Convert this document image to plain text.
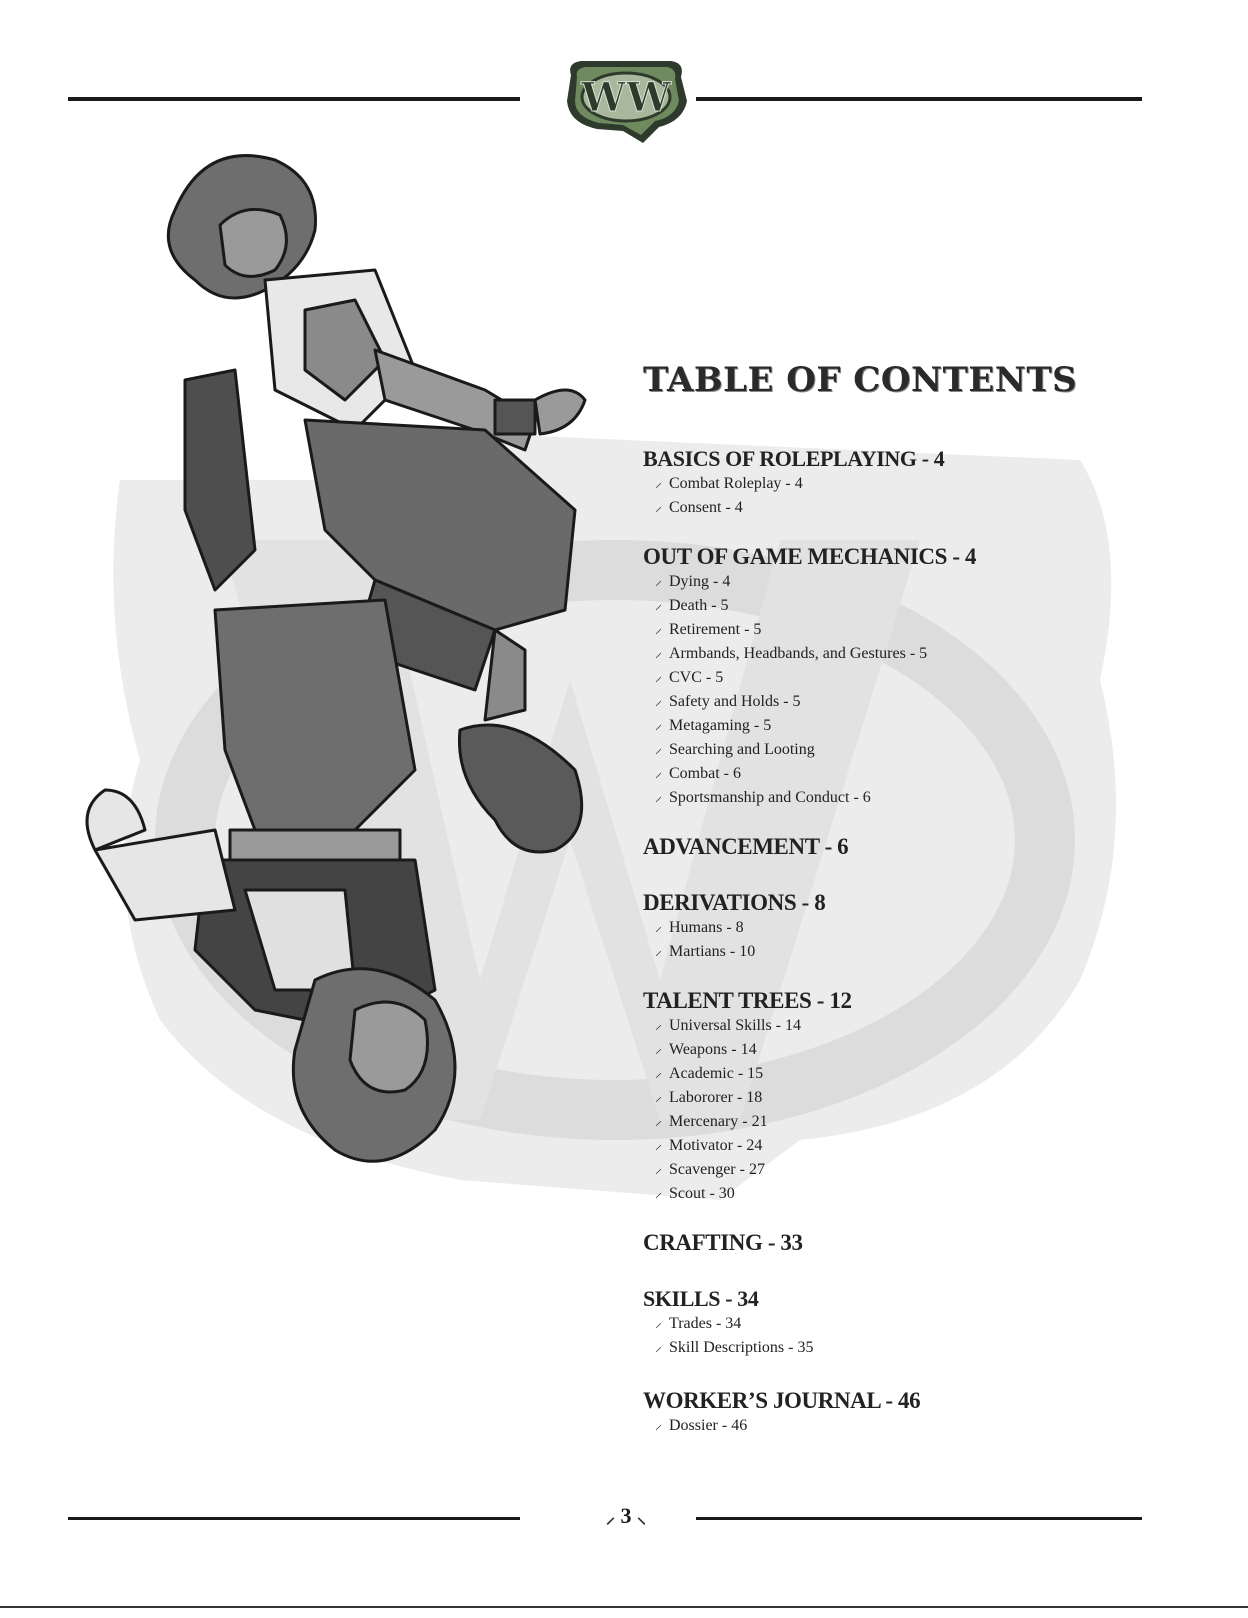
WW
TABLE OF CONTENTS
BASICS OF ROLEPLAYING - 4
⸝ Combat Roleplay - 4
⸝ Consent - 4
OUT OF GAME MECHANICS - 4
⸝ Dying - 4
⸝ Death - 5
⸝ Retirement - 5
⸝ Armbands, Headbands, and Gestures - 5
⸝ CVC - 5
⸝ Safety and Holds - 5
⸝ Metagaming - 5
⸝ Searching and Looting
⸝ Combat - 6
⸝ Sportsmanship and Conduct - 6
ADVANCEMENT - 6
DERIVATIONS - 8
⸝ Humans - 8
⸝ Martians - 10
TALENT TREES - 12
⸝ Universal Skills - 14
⸝ Weapons - 14
⸝ Academic - 15
⸝ Labororer - 18
⸝ Mercenary - 21
⸝ Motivator - 24
⸝ Scavenger - 27
⸝ Scout - 30
CRAFTING - 33
SKILLS - 34
⸝ Trades - 34
⸝ Skill Descriptions - 35
WORKER’S JOURNAL - 46
⸝ Dossier - 46
⸝ 3 ⸜
